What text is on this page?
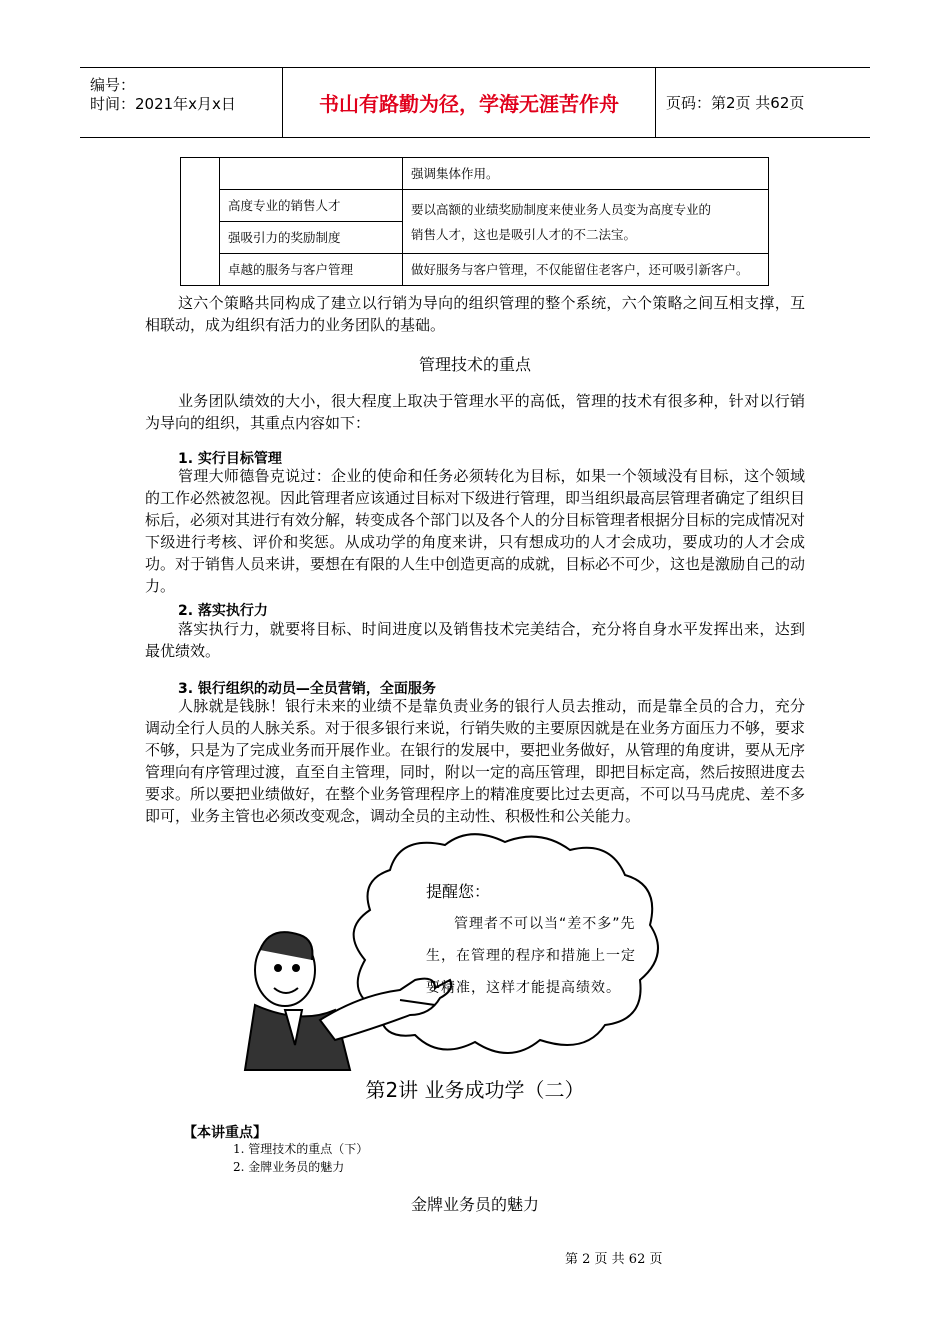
编号：
时间：2021年x月x日	书山有路勤为径，学海无涯苦作舟	页码：第2页 共62页
		强调集体作用。
	高度专业的销售人才	要以高额的业绩奖励制度来使业务人员变为高度专业的
销售人才，这也是吸引人才的不二法宝。
	强吸引力的奖励制度	
	卓越的服务与客户管理	做好服务与客户管理，不仅能留住老客户，还可吸引新客户。
这六个策略共同构成了建立以行销为导向的组织管理的整个系统，六个策略之间互相支撑，互相联动，成为组织有活力的业务团队的基础。
管理技术的重点
业务团队绩效的大小，很大程度上取决于管理水平的高低，管理的技术有很多种，针对以行销为导向的组织，其重点内容如下：
1. 实行目标管理
管理大师德鲁克说过：企业的使命和任务必须转化为目标，如果一个领域没有目标，这个领域的工作必然被忽视。因此管理者应该通过目标对下级进行管理，即当组织最高层管理者确定了组织目标后，必须对其进行有效分解，转变成各个部门以及各个人的分目标管理者根据分目标的完成情况对下级进行考核、评价和奖惩。从成功学的角度来讲，只有想成功的人才会成功，要成功的人才会成功。对于销售人员来讲，要想在有限的人生中创造更高的成就，目标必不可少，这也是激励自己的动力。
2. 落实执行力
落实执行力，就要将目标、时间进度以及销售技术完美结合，充分将自身水平发挥出来，达到最优绩效。
3. 银行组织的动员—全员营销，全面服务
人脉就是钱脉！银行未来的业绩不是靠负责业务的银行人员去推动，而是靠全员的合力，充分调动全行人员的人脉关系。对于很多银行来说，行销失败的主要原因就是在业务方面压力不够，要求不够，只是为了完成业务而开展作业。在银行的发展中，要把业务做好，从管理的角度讲，要从无序管理向有序管理过渡，直至自主管理，同时，附以一定的高压管理，即把目标定高，然后按照进度去要求。所以要把业绩做好，在整个业务管理程序上的精准度要比过去更高，不可以马马虎虎、差不多即可，业务主管也必须改变观念，调动全员的主动性、积极性和公关能力。
提醒您：
管理者不可以当“差不多”先生，在管理的程序和措施上一定要精准，这样才能提高绩效。
第2讲 业务成功学（二）
【本讲重点】
1. 管理技术的重点（下）
2. 金牌业务员的魅力
金牌业务员的魅力
第 2 页 共 62 页
